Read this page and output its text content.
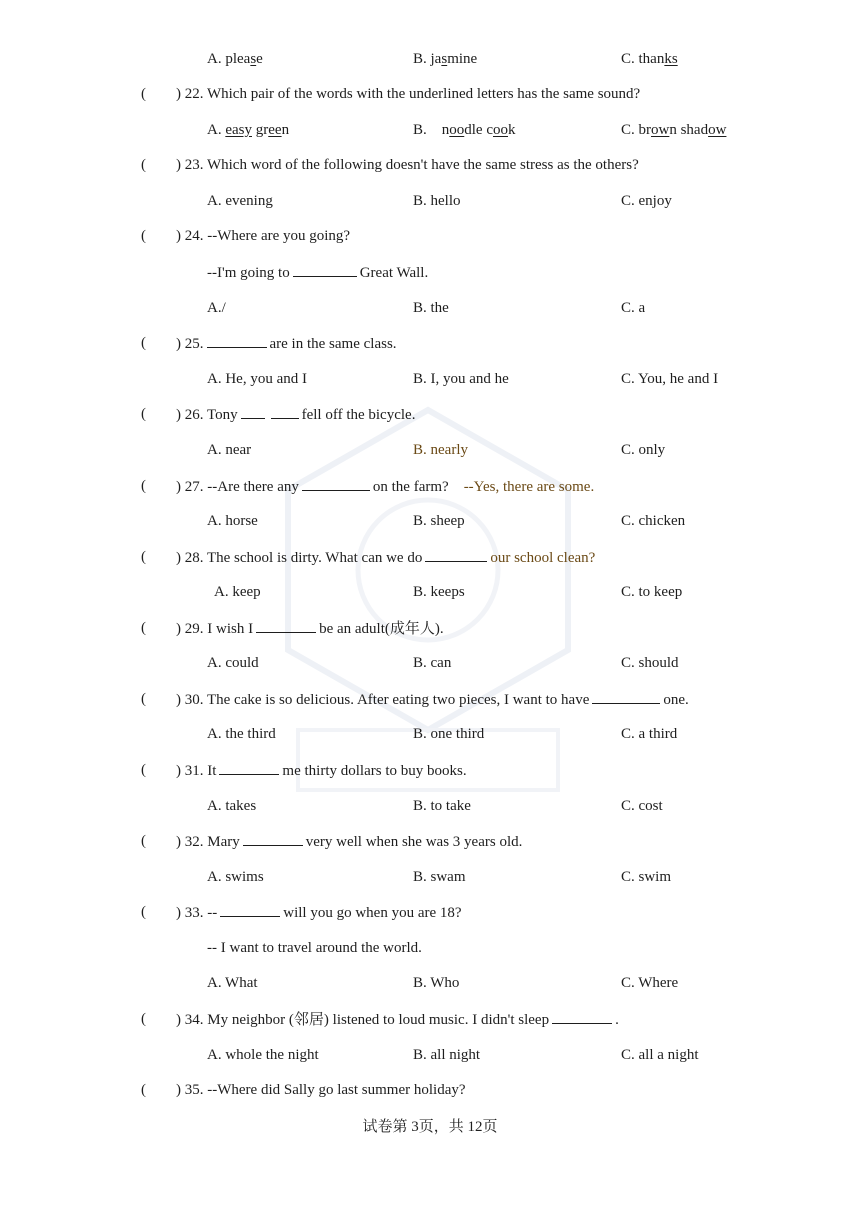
A. please	B. jasmine	C. thanks
( ) 22. Which pair of the words with the underlined letters has the same sound?
A. easy green	B.    noodle cook	C. brown shadow
( ) 23. Which word of the following doesn't have the same stress as the others?
A. evening	B. hello	C. enjoy
( ) 24. --Where are you going?
--I'm going to	Great Wall.
A./	B. the	C. a
( ) 25.	are in the same class.
A. He, you and I	B. I, you and he	C. You, he and I
( ) 26. Tony	fell off the bicycle.
A. near	B. nearly	C. only
( ) 27. --Are there any	on the farm? --Yes, there are some.
A. horse	B. sheep	C. chicken
( ) 28. The school is dirty. What can we do	our school clean?
A. keep	B. keeps	C. to keep
( ) 29. I wish I	be an adult(成年人).
A. could	B. can	C. should
( ) 30. The cake is so delicious. After eating two pieces, I want to have	one.
A. the third	B. one third	C. a third
( ) 31. It	me thirty dollars to buy books.
A. takes	B. to take	C. cost
( ) 32. Mary	very well when she was 3 years old.
A. swims	B. swam	C. swim
( ) 33. --	will you go when you are 18?
-- I want to travel around the world.
A. What	B. Who	C. Where
( ) 34. My neighbor (邻居) listened to loud music. I didn't sleep	.
A. whole the night	B. all night	C. all a night
( ) 35. --Where did Sally go last summer holiday?
试卷第 3页，共 12页
